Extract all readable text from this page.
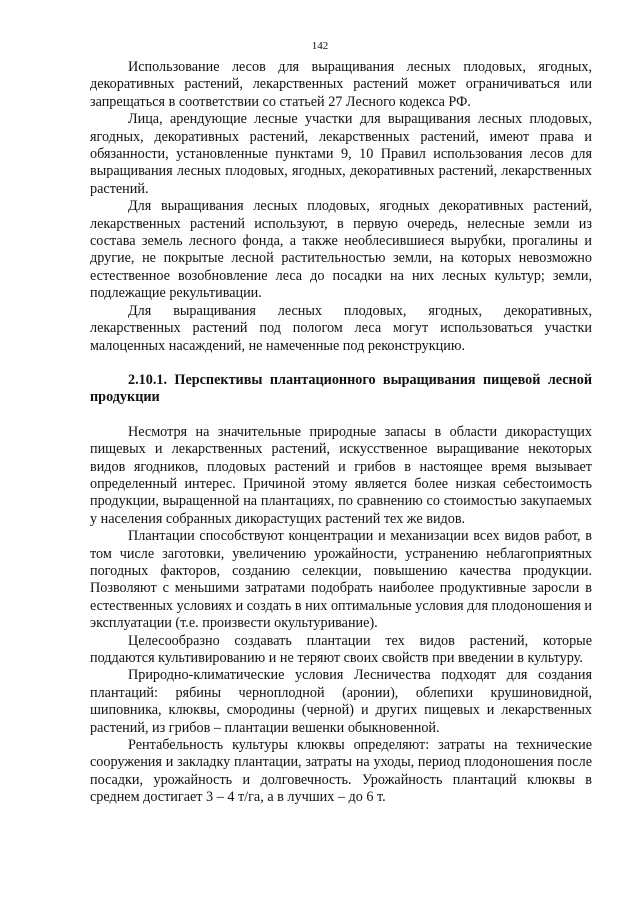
142

Использование лесов для выращивания лесных плодовых, ягодных, декоративных растений, лекарственных растений может ограничиваться или запрещаться в соответствии со статьей 27 Лесного кодекса РФ.

Лица, арендующие лесные участки для выращивания лесных плодовых, ягодных, декоративных растений, лекарственных растений, имеют права и обязанности, установленные пунктами 9, 10 Правил использования лесов для выращивания лесных плодовых, ягодных, декоративных растений, лекарственных растений.

Для выращивания лесных плодовых, ягодных декоративных растений, лекарственных растений используют, в первую очередь, нелесные земли из состава земель лесного фонда, а также необлесившиеся вырубки, прогалины и другие, не покрытые лесной растительностью земли, на которых невозможно естественное возобновление леса до посадки на них лесных культур; земли, подлежащие рекультивации.

Для выращивания лесных плодовых, ягодных, декоративных, лекарственных растений под пологом леса могут использоваться участки малоценных насаждений, не намеченные под реконструкцию.

2.10.1. Перспективы плантационного выращивания пищевой лесной продукции

Несмотря на значительные природные запасы в области дикорастущих пищевых и лекарственных растений, искусственное выращивание некоторых видов ягодников, плодовых растений и грибов в настоящее время вызывает определенный интерес. Причиной этому является более низкая себестоимость продукции, выращенной на плантациях, по сравнению со стоимостью закупаемых у населения собранных дикорастущих растений тех же видов.

Плантации способствуют концентрации и механизации всех видов работ, в том числе заготовки, увеличению урожайности, устранению неблагоприятных погодных факторов, созданию селекции, повышению качества продукции. Позволяют с меньшими затратами подобрать наиболее продуктивные заросли в естественных условиях и создать в них оптимальные условия для плодоношения и эксплуатации (т.е. произвести окультуривание).

Целесообразно создавать плантации тех видов растений, которые поддаются культивированию и не теряют своих свойств при введении в культуру.

Природно-климатические условия Лесничества подходят для создания плантаций: рябины черноплодной (аронии), облепихи крушиновидной, шиповника, клюквы, смородины (черной) и других пищевых и лекарственных растений, из грибов – плантации вешенки обыкновенной.

Рентабельность культуры клюквы определяют: затраты на технические сооружения и закладку плантации, затраты на уходы, период плодоношения после посадки, урожайность и долговечность. Урожайность плантаций клюквы в среднем достигает 3 – 4 т/га, а в лучших – до 6 т.
